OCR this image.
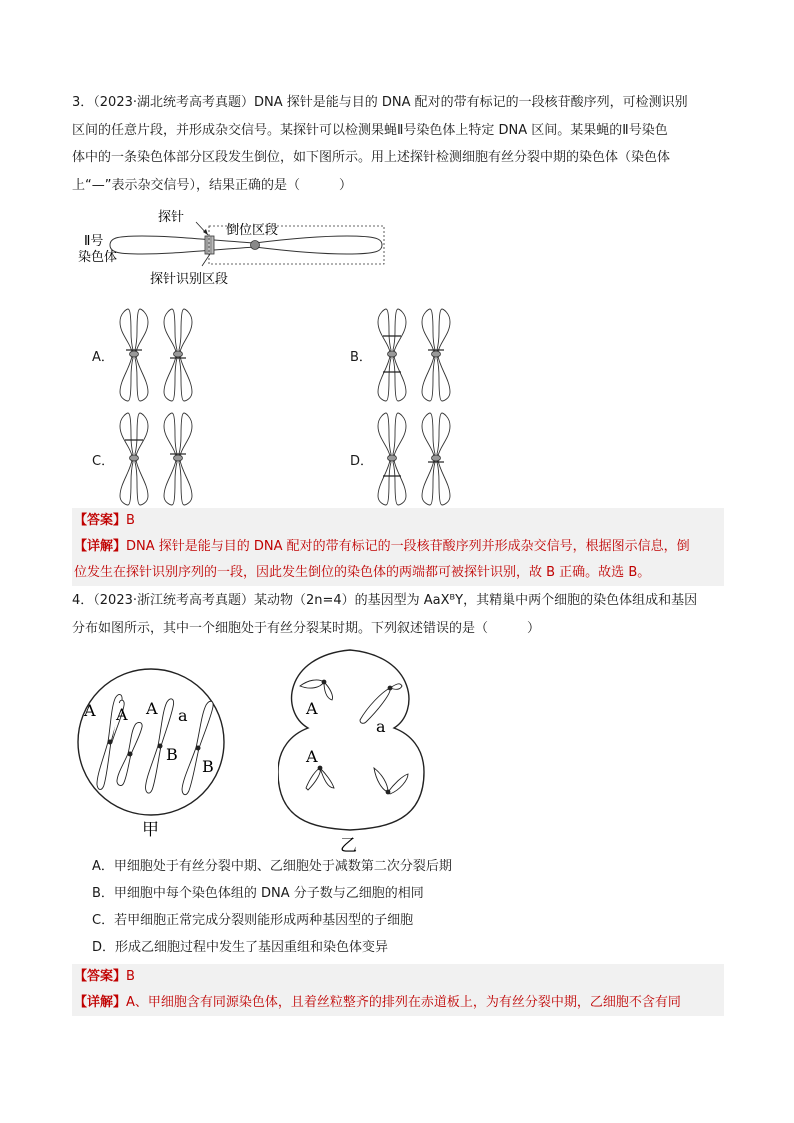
3．（2023·湖北统考高考真题）DNA 探针是能与目的 DNA 配对的带有标记的一段核苷酸序列，可检测识别
区间的任意片段，并形成杂交信号。某探针可以检测果蝇Ⅱ号染色体上特定 DNA 区间。某果蝇的Ⅱ号染色
体中的一条染色体部分区段发生倒位，如下图所示。用上述探针检测细胞有丝分裂中期的染色体（染色体
上“—”表示杂交信号），结果正确的是（　　　）
探针
倒位区段
Ⅱ号
染色体
探针识别区段
A．	B．
C．	D．
【答案】B
【详解】DNA 探针是能与目的 DNA 配对的带有标记的一段核苷酸序列并形成杂交信号，根据图示信息，倒
位发生在探针识别序列的一段，因此发生倒位的染色体的两端都可被探针识别，故 B 正确。故选 B。
4．（2023·浙江统考高考真题）某动物（2n=4）的基因型为 AaXᴮY，其精巢中两个细胞的染色体组成和基因
分布如图所示，其中一个细胞处于有丝分裂某时期。下列叙述错误的是（　　　）
A A A a
B
B
甲
A
a
A
乙
A．甲细胞处于有丝分裂中期、乙细胞处于减数第二次分裂后期
B．甲细胞中每个染色体组的 DNA 分子数与乙细胞的相同
C．若甲细胞正常完成分裂则能形成两种基因型的子细胞
D．形成乙细胞过程中发生了基因重组和染色体变异
【答案】B
【详解】A、甲细胞含有同源染色体，且着丝粒整齐的排列在赤道板上，为有丝分裂中期，乙细胞不含有同
